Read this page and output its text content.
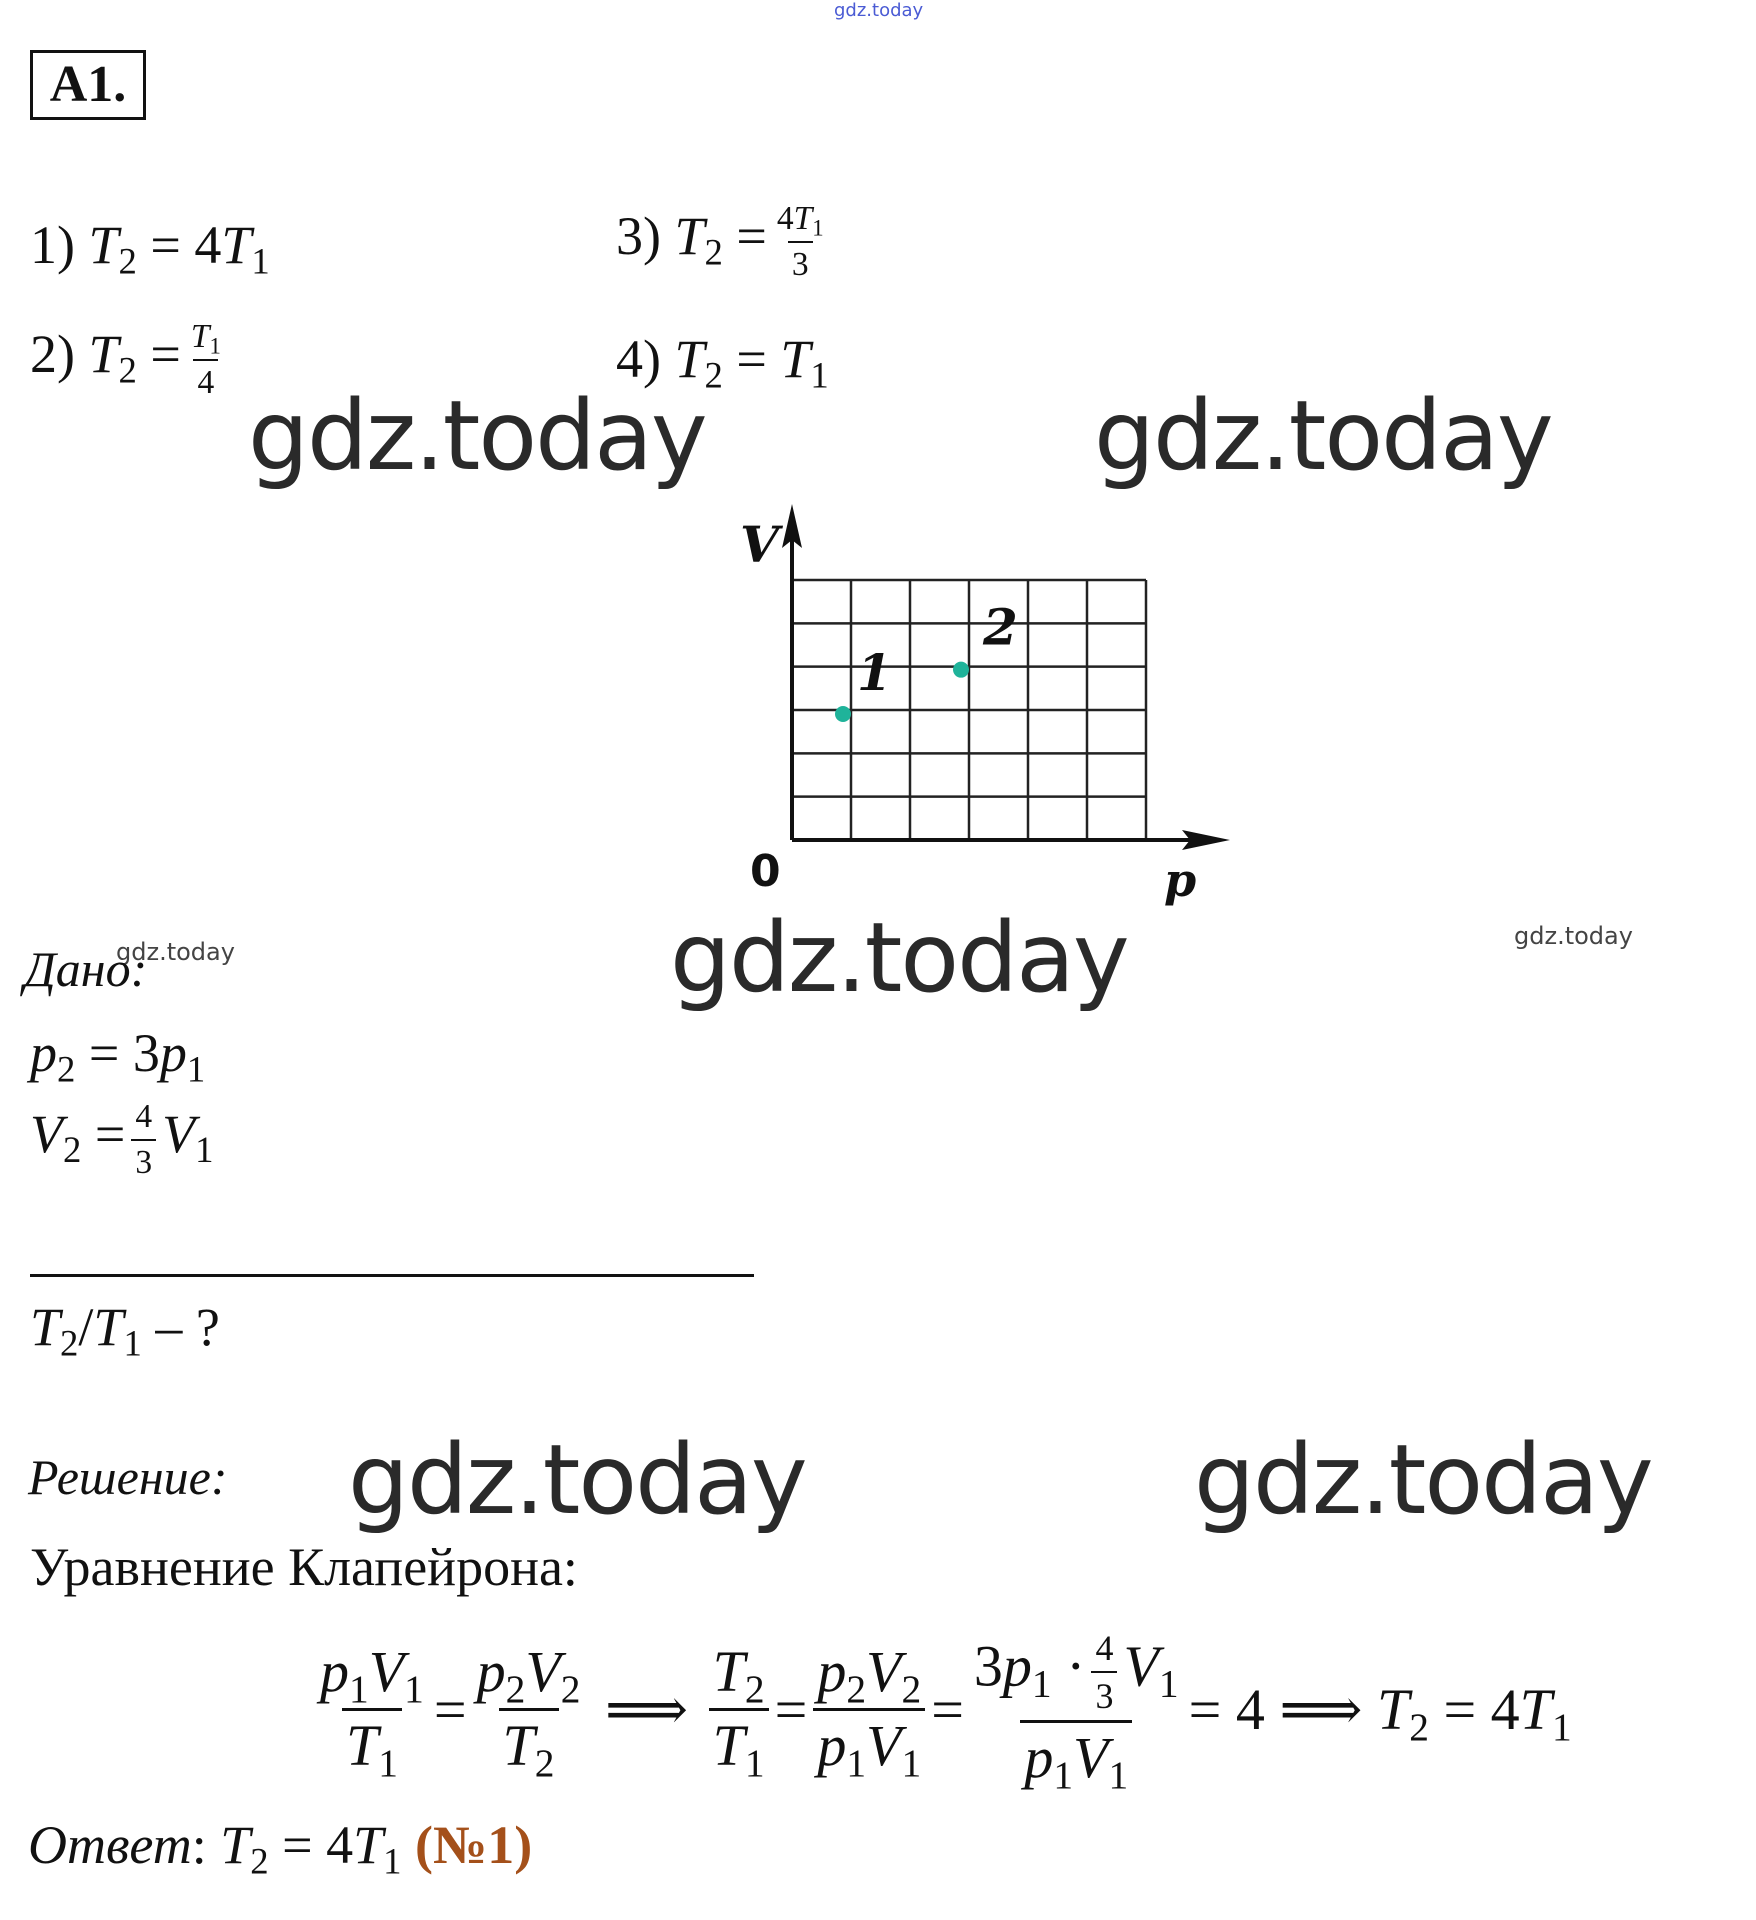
gdz.today
gdz.today	gdz.today
gdz.today	gdz.today	gdz.today
gdz.today	gdz.today
А1.
1) $T_2 = 4T_1$
2) $T_2 = \frac{T_1}{4}$
3) $T_2 = \frac{4T_1}{3}$
4) $T_2 = T_1$
V
p
0
1
2
Дано:
$p_2 = 3p_1$
$V_2 = \frac{4}{3} V_1$
$T_2/T_1$ – ?
Решение:
Уравнение Клапейрона:
$\frac{p_1V_1}{T_1} = \frac{p_2V_2}{T_2}$ ⟹ $\frac{T_2}{T_1} = \frac{p_2V_2}{p_1V_1} = \frac{3p_1 \cdot \frac{4}{3} V_1}{p_1V_1} = 4$ ⟹ $T_2 = 4T_1$
Ответ: $T_2 = 4T_1$ (№1)
